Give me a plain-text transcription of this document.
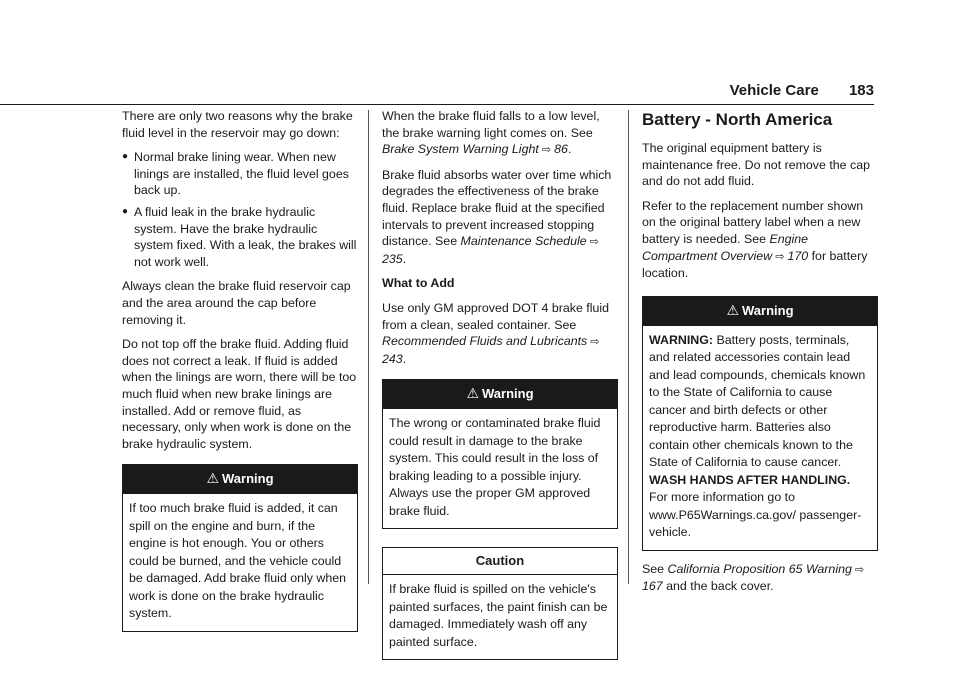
Vehicle Care 183

There are only two reasons why the brake fluid level in the reservoir may go down:

● Normal brake lining wear. When new linings are installed, the fluid level goes back up.
● A fluid leak in the brake hydraulic system. Have the brake hydraulic system fixed. With a leak, the brakes will not work well.

Always clean the brake fluid reservoir cap and the area around the cap before removing it.

Do not top off the brake fluid. Adding fluid does not correct a leak. If fluid is added when the linings are worn, there will be too much fluid when new brake linings are installed. Add or remove fluid, as necessary, only when work is done on the brake hydraulic system.

⚠ Warning
If too much brake fluid is added, it can spill on the engine and burn, if the engine is hot enough. You or others could be burned, and the vehicle could be damaged. Add brake fluid only when work is done on the brake hydraulic system.

When the brake fluid falls to a low level, the brake warning light comes on. See Brake System Warning Light ⇨ 86.

Brake fluid absorbs water over time which degrades the effectiveness of the brake fluid. Replace brake fluid at the specified intervals to prevent increased stopping distance. See Maintenance Schedule ⇨ 235.

What to Add

Use only GM approved DOT 4 brake fluid from a clean, sealed container. See Recommended Fluids and Lubricants ⇨ 243.

⚠ Warning
The wrong or contaminated brake fluid could result in damage to the brake system. This could result in the loss of braking leading to a possible injury. Always use the proper GM approved brake fluid.
Caution
If brake fluid is spilled on the vehicle's painted surfaces, the paint finish can be damaged. Immediately wash off any painted surface.
Battery - North America

The original equipment battery is maintenance free. Do not remove the cap and do not add fluid.

Refer to the replacement number shown on the original battery label when a new battery is needed. See Engine Compartment Overview ⇨ 170 for battery location.

⚠ Warning
WARNING: Battery posts, terminals, and related accessories contain lead and lead compounds, chemicals known to the State of California to cause cancer and birth defects or other reproductive harm. Batteries also contain other chemicals known to the State of California to cause cancer. WASH HANDS AFTER HANDLING. For more information go to www.P65Warnings.ca.gov/ passenger-vehicle.

See California Proposition 65 Warning ⇨ 167 and the back cover.
